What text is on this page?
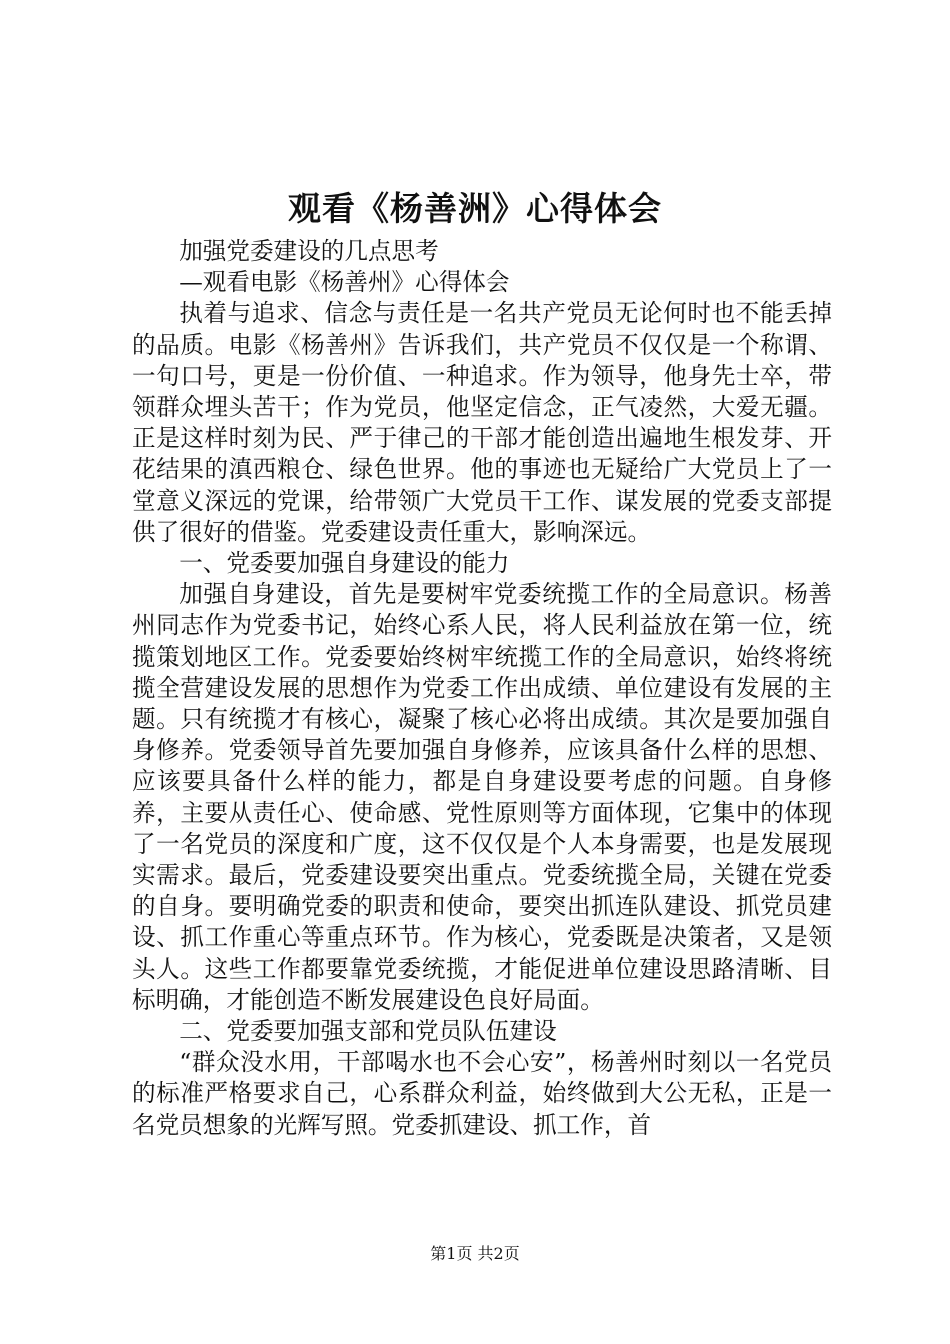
观看《杨善洲》心得体会

加强党委建设的几点思考

—观看电影《杨善州》心得体会

执着与追求、信念与责任是一名共产党员无论何时也不能丢掉的品质。电影《杨善州》告诉我们，共产党员不仅仅是一个称谓、一句口号，更是一份价值、一种追求。作为领导，他身先士卒，带领群众埋头苦干；作为党员，他坚定信念，正气凌然，大爱无疆。正是这样时刻为民、严于律己的干部才能创造出遍地生根发芽、开花结果的滇西粮仓、绿色世界。他的事迹也无疑给广大党员上了一堂意义深远的党课，给带领广大党员干工作、谋发展的党委支部提供了很好的借鉴。党委建设责任重大，影响深远。

一、党委要加强自身建设的能力

加强自身建设，首先是要树牢党委统揽工作的全局意识。杨善州同志作为党委书记，始终心系人民，将人民利益放在第一位，统揽策划地区工作。党委要始终树牢统揽工作的全局意识，始终将统揽全营建设发展的思想作为党委工作出成绩、单位建设有发展的主题。只有统揽才有核心，凝聚了核心必将出成绩。其次是要加强自身修养。党委领导首先要加强自身修养，应该具备什么样的思想、应该要具备什么样的能力，都是自身建设要考虑的问题。自身修养，主要从责任心、使命感、党性原则等方面体现，它集中的体现了一名党员的深度和广度，这不仅仅是个人本身需要，也是发展现实需求。最后，党委建设要突出重点。党委统揽全局，关键在党委的自身。要明确党委的职责和使命，要突出抓连队建设、抓党员建设、抓工作重心等重点环节。作为核心，党委既是决策者，又是领头人。这些工作都要靠党委统揽，才能促进单位建设思路清晰、目标明确，才能创造不断发展建设色良好局面。

二、党委要加强支部和党员队伍建设

“群众没水用，干部喝水也不会心安”，杨善州时刻以一名党员的标准严格要求自己，心系群众利益，始终做到大公无私，正是一名党员想象的光辉写照。党委抓建设、抓工作，首

第1页 共2页
